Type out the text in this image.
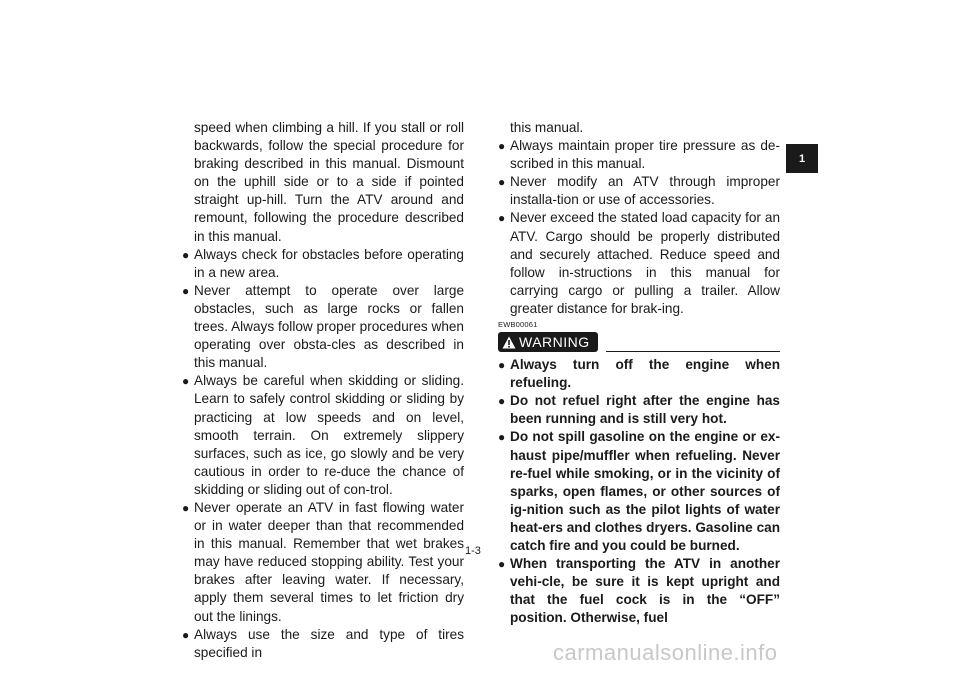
speed when climbing a hill. If you stall or roll backwards, follow the special procedure for braking described in this manual. Dismount on the uphill side or to a side if pointed straight up-hill. Turn the ATV around and remount, following the procedure described in this manual.

● Always check for obstacles before operating in a new area.

● Never attempt to operate over large obstacles, such as large rocks or fallen trees. Always follow proper procedures when operating over obsta-cles as described in this manual.

● Always be careful when skidding or sliding. Learn to safely control skidding or sliding by practicing at low speeds and on level, smooth terrain. On extremely slippery surfaces, such as ice, go slowly and be very cautious in order to re-duce the chance of skidding or sliding out of con-trol.

● Never operate an ATV in fast flowing water or in water deeper than that recommended in this manual. Remember that wet brakes may have reduced stopping ability. Test your brakes after leaving water. If necessary, apply them several times to let friction dry out the linings.

● Always use the size and type of tires specified in

this manual.

● Always maintain proper tire pressure as de-scribed in this manual.

● Never modify an ATV through improper installa-tion or use of accessories.

● Never exceed the stated load capacity for an ATV. Cargo should be properly distributed and securely attached. Reduce speed and follow in-structions in this manual for carrying cargo or pulling a trailer. Allow greater distance for brak-ing.

EWB00061
WARNING

● Always turn off the engine when refueling.

● Do not refuel right after the engine has been running and is still very hot.

● Do not spill gasoline on the engine or ex-haust pipe/muffler when refueling. Never re-fuel while smoking, or in the vicinity of sparks, open flames, or other sources of ig-nition such as the pilot lights of water heat-ers and clothes dryers. Gasoline can catch fire and you could be burned.

● When transporting the ATV in another vehi-cle, be sure it is kept upright and that the fuel cock is in the “OFF” position. Otherwise, fuel

1-3
1
carmanualsonline.info
